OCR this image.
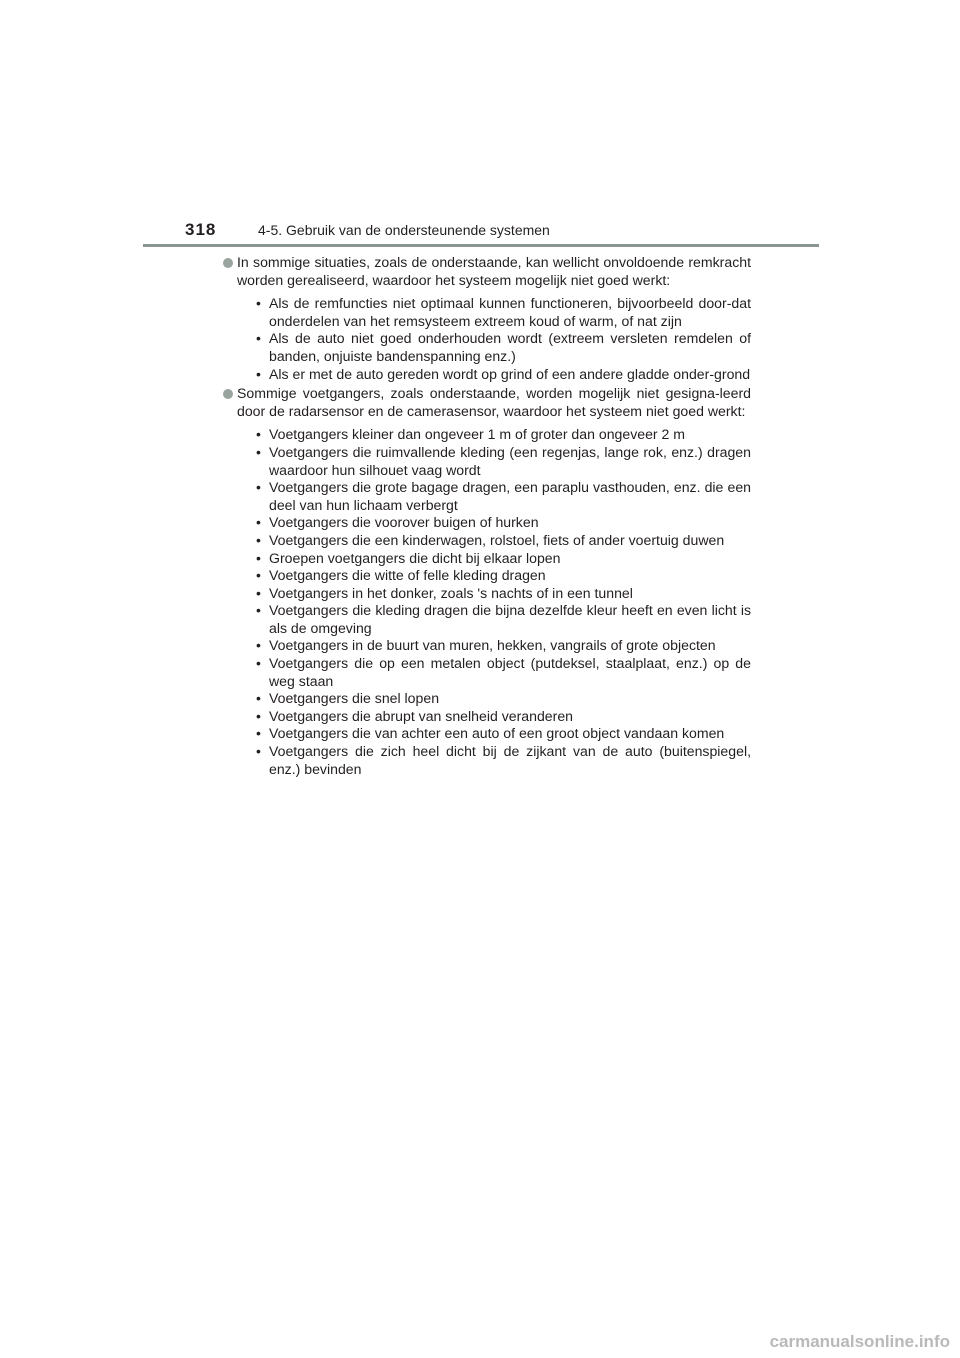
318	4-5. Gebruik van de ondersteunende systemen
In sommige situaties, zoals de onderstaande, kan wellicht onvoldoende remkracht worden gerealiseerd, waardoor het systeem mogelijk niet goed werkt:
• Als de remfuncties niet optimaal kunnen functioneren, bijvoorbeeld door-dat onderdelen van het remsysteem extreem koud of warm, of nat zijn
• Als de auto niet goed onderhouden wordt (extreem versleten remdelen of banden, onjuiste bandenspanning enz.)
• Als er met de auto gereden wordt op grind of een andere gladde onder-grond
Sommige voetgangers, zoals onderstaande, worden mogelijk niet gesigna-leerd door de radarsensor en de camerasensor, waardoor het systeem niet goed werkt:
• Voetgangers kleiner dan ongeveer 1 m of groter dan ongeveer 2 m
• Voetgangers die ruimvallende kleding (een regenjas, lange rok, enz.) dragen waardoor hun silhouet vaag wordt
• Voetgangers die grote bagage dragen, een paraplu vasthouden, enz. die een deel van hun lichaam verbergt
• Voetgangers die voorover buigen of hurken
• Voetgangers die een kinderwagen, rolstoel, fiets of ander voertuig duwen
• Groepen voetgangers die dicht bij elkaar lopen
• Voetgangers die witte of felle kleding dragen
• Voetgangers in het donker, zoals 's nachts of in een tunnel
• Voetgangers die kleding dragen die bijna dezelfde kleur heeft en even licht is als de omgeving
• Voetgangers in de buurt van muren, hekken, vangrails of grote objecten
• Voetgangers die op een metalen object (putdeksel, staalplaat, enz.) op de weg staan
• Voetgangers die snel lopen
• Voetgangers die abrupt van snelheid veranderen
• Voetgangers die van achter een auto of een groot object vandaan komen
• Voetgangers die zich heel dicht bij de zijkant van de auto (buitenspiegel, enz.) bevinden
carmanualsonline.info
